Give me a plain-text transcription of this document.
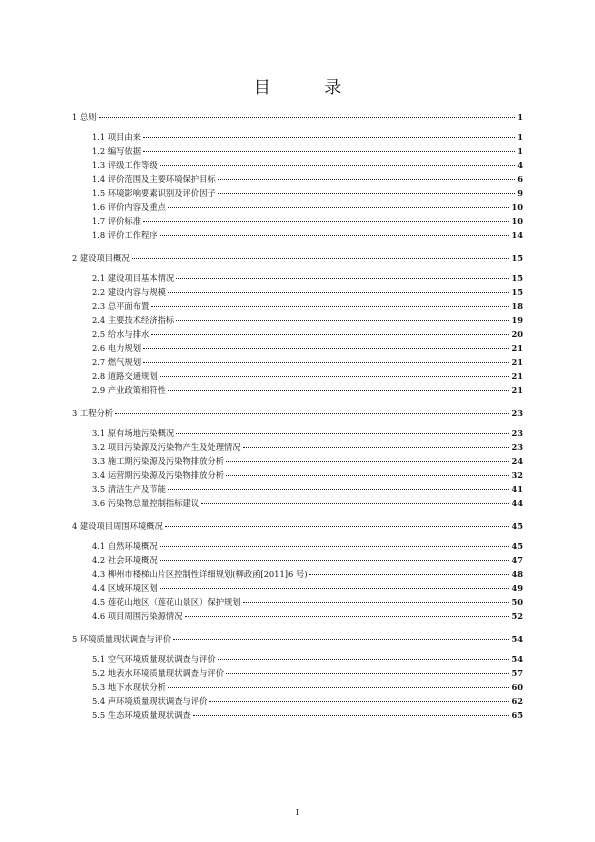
目 录
1 总则	1
1.1 项目由来	1
1.2 编写依据	1
1.3 评级工作等级	4
1.4 评价范围及主要环境保护目标	6
1.5 环境影响要素识别及评价因子	9
1.6 评价内容及重点	10
1.7 评价标准	10
1.8 评价工作程序	14
2 建设项目概况	15
2.1 建设项目基本情况	15
2.2 建设内容与规模	15
2.3 总平面布置	18
2.4 主要技术经济指标	19
2.5 给水与排水	20
2.6 电力规划	21
2.7 燃气规划	21
2.8 道路交通规划	21
2.9 产业政策相符性	21
3 工程分析	23
3.1 原有场地污染概况	23
3.2 项目污染源及污染物产生及处理情况	23
3.3 施工期污染源及污染物排放分析	24
3.4 运营期污染源及污染物排放分析	32
3.5 清洁生产及节能	41
3.6 污染物总量控制指标建议	44
4 建设项目周围环境概况	45
4.1 自然环境概况	45
4.2 社会环境概况	47
4.3 柳州市楼梯山片区控制性详细规划(柳政函[2011]6 号)	48
4.4 区域环境区划	49
4.5 莲花山地区（莲花山景区）保护规划	50
4.6 项目周围污染源情况	52
5 环境质量现状调查与评价	54
5.1 空气环境质量现状调查与评价	54
5.2 地表水环境质量现状调查与评价	57
5.3 地下水现状分析	60
5.4 声环境质量现状调查与评价	62
5.5 生态环境质量现状调查	65
I
